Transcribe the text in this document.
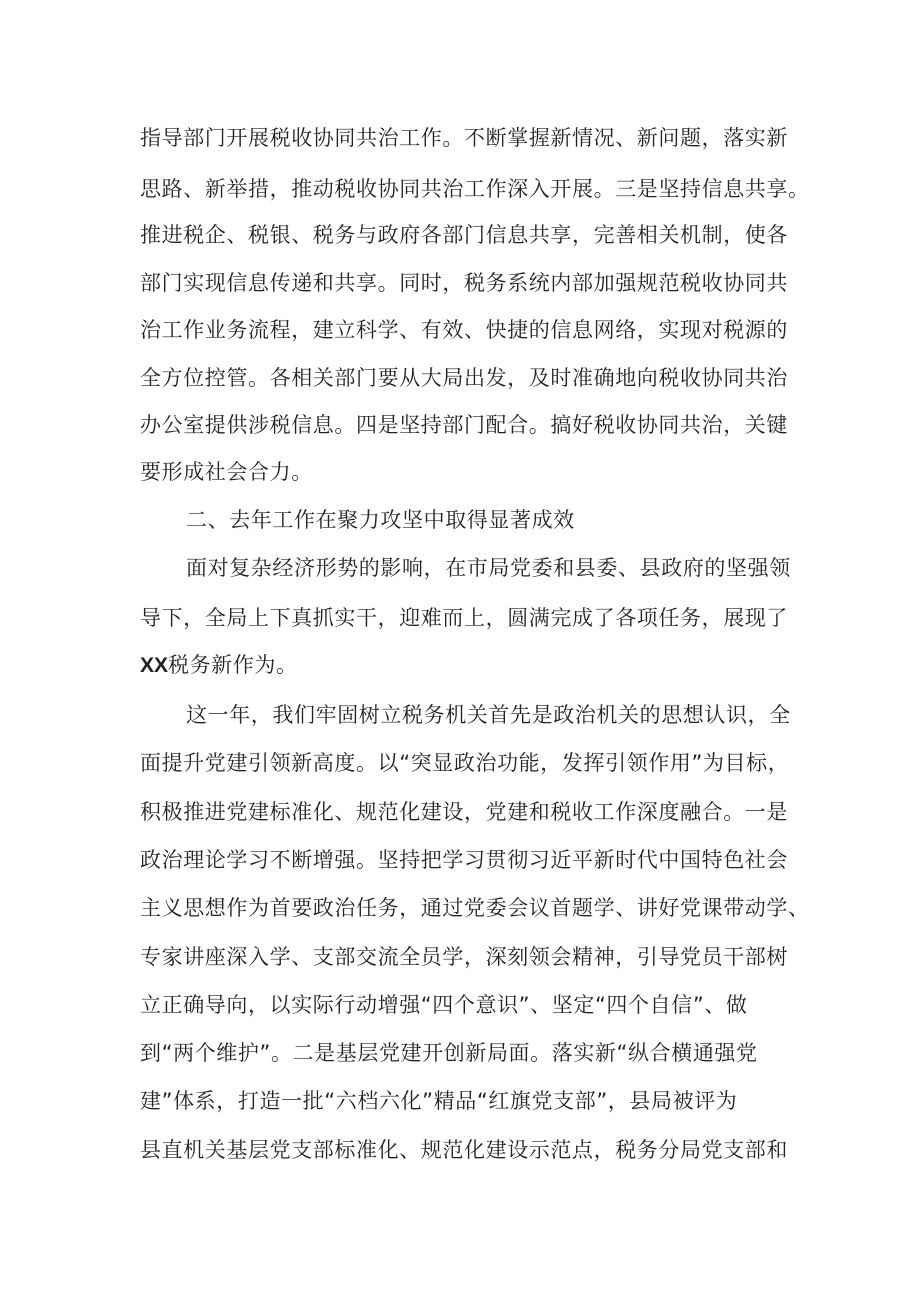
指导部门开展税收协同共治工作。不断掌握新情况、新问题，落实新
思路、新举措，推动税收协同共治工作深入开展。三是坚持信息共享。
推进税企、税银、税务与政府各部门信息共享，完善相关机制，使各
部门实现信息传递和共享。同时，税务系统内部加强规范税收协同共
治工作业务流程，建立科学、有效、快捷的信息网络，实现对税源的
全方位控管。各相关部门要从大局出发，及时准确地向税收协同共治
办公室提供涉税信息。四是坚持部门配合。搞好税收协同共治，关键
要形成社会合力。
二、去年工作在聚力攻坚中取得显著成效
面对复杂经济形势的影响，在市局党委和县委、县政府的坚强领
导下，全局上下真抓实干，迎难而上，圆满完成了各项任务，展现了
XX税务新作为。
这一年，我们牢固树立税务机关首先是政治机关的思想认识，全
面提升党建引领新高度。以“突显政治功能，发挥引领作用”为目标，
积极推进党建标准化、规范化建设，党建和税收工作深度融合。一是
政治理论学习不断增强。坚持把学习贯彻习近平新时代中国特色社会
主义思想作为首要政治任务，通过党委会议首题学、讲好党课带动学、
专家讲座深入学、支部交流全员学，深刻领会精神，引导党员干部树
立正确导向，以实际行动增强“四个意识”、坚定“四个自信”、做
到“两个维护”。二是基层党建开创新局面。落实新“纵合横通强党
建”体系，打造一批“六档六化”精品“红旗党支部”，县局被评为
县直机关基层党支部标准化、规范化建设示范点，税务分局党支部和
